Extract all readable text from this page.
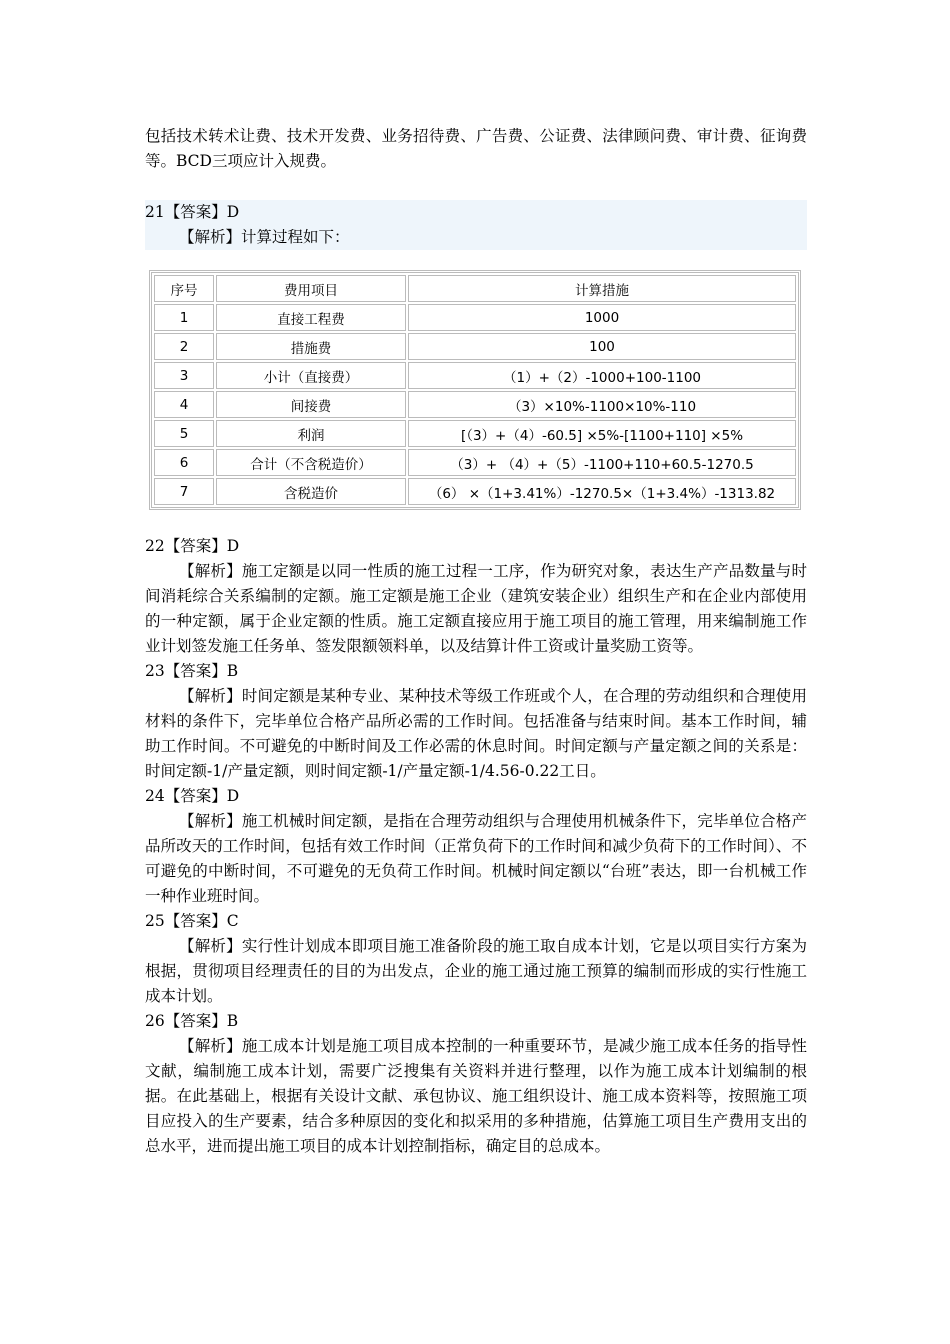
包括技术转术让费、技术开发费、业务招待费、广告费、公证费、法律顾问费、审计费、征询费等。BCD三项应计入规费。

21【答案】D

【解析】计算过程如下：

序号	费用项目	计算措施
1	直接工程费	1000
2	措施费	100
3	小计（直接费）	（1）+（2）-1000+100-1100
4	间接费	（3）×10%-1100×10%-110
5	利润	[（3）+（4）-60.5] ×5%-[1100+110] ×5%
6	合计（不含税造价）	（3）+ （4）+（5）-1100+110+60.5-1270.5
7	含税造价	（6） ×（1+3.41%）-1270.5×（1+3.4%）-1313.82

22【答案】D

【解析】施工定额是以同一性质的施工过程一工序，作为研究对象，表达生产产品数量与时间消耗综合关系编制的定额。施工定额是施工企业（建筑安装企业）组织生产和在企业内部使用的一种定额，属于企业定额的性质。施工定额直接应用于施工项目的施工管理，用来编制施工作业计划签发施工任务单、签发限额领料单，以及结算计件工资或计量奖励工资等。

23【答案】B

【解析】时间定额是某种专业、某种技术等级工作班或个人，在合理的劳动组织和合理使用材料的条件下，完毕单位合格产品所必需的工作时间。包括准备与结束时间。基本工作时间，辅助工作时间。不可避免的中断时间及工作必需的休息时间。时间定额与产量定额之间的关系是：时间定额-1/产量定额，则时间定额-1/产量定额-1/4.56-0.22工日。

24【答案】D

【解析】施工机械时间定额，是指在合理劳动组织与合理使用机械条件下，完毕单位合格产品所改天的工作时间，包括有效工作时间（正常负荷下的工作时间和减少负荷下的工作时间）、不可避免的中断时间，不可避免的无负荷工作时间。机械时间定额以“台班”表达，即一台机械工作一种作业班时间。

25【答案】C

【解析】实行性计划成本即项目施工准备阶段的施工取自成本计划，它是以项目实行方案为根据，贯彻项目经理责任的目的为出发点，企业的施工通过施工预算的编制而形成的实行性施工成本计划。

26【答案】B

【解析】施工成本计划是施工项目成本控制的一种重要环节，是减少施工成本任务的指导性文献，编制施工成本计划，需要广泛搜集有关资料并进行整理，以作为施工成本计划编制的根据。在此基础上，根据有关设计文献、承包协议、施工组织设计、施工成本资料等，按照施工项目应投入的生产要素，结合多种原因的变化和拟采用的多种措施，估算施工项目生产费用支出的总水平，进而提出施工项目的成本计划控制指标，确定目的总成本。
